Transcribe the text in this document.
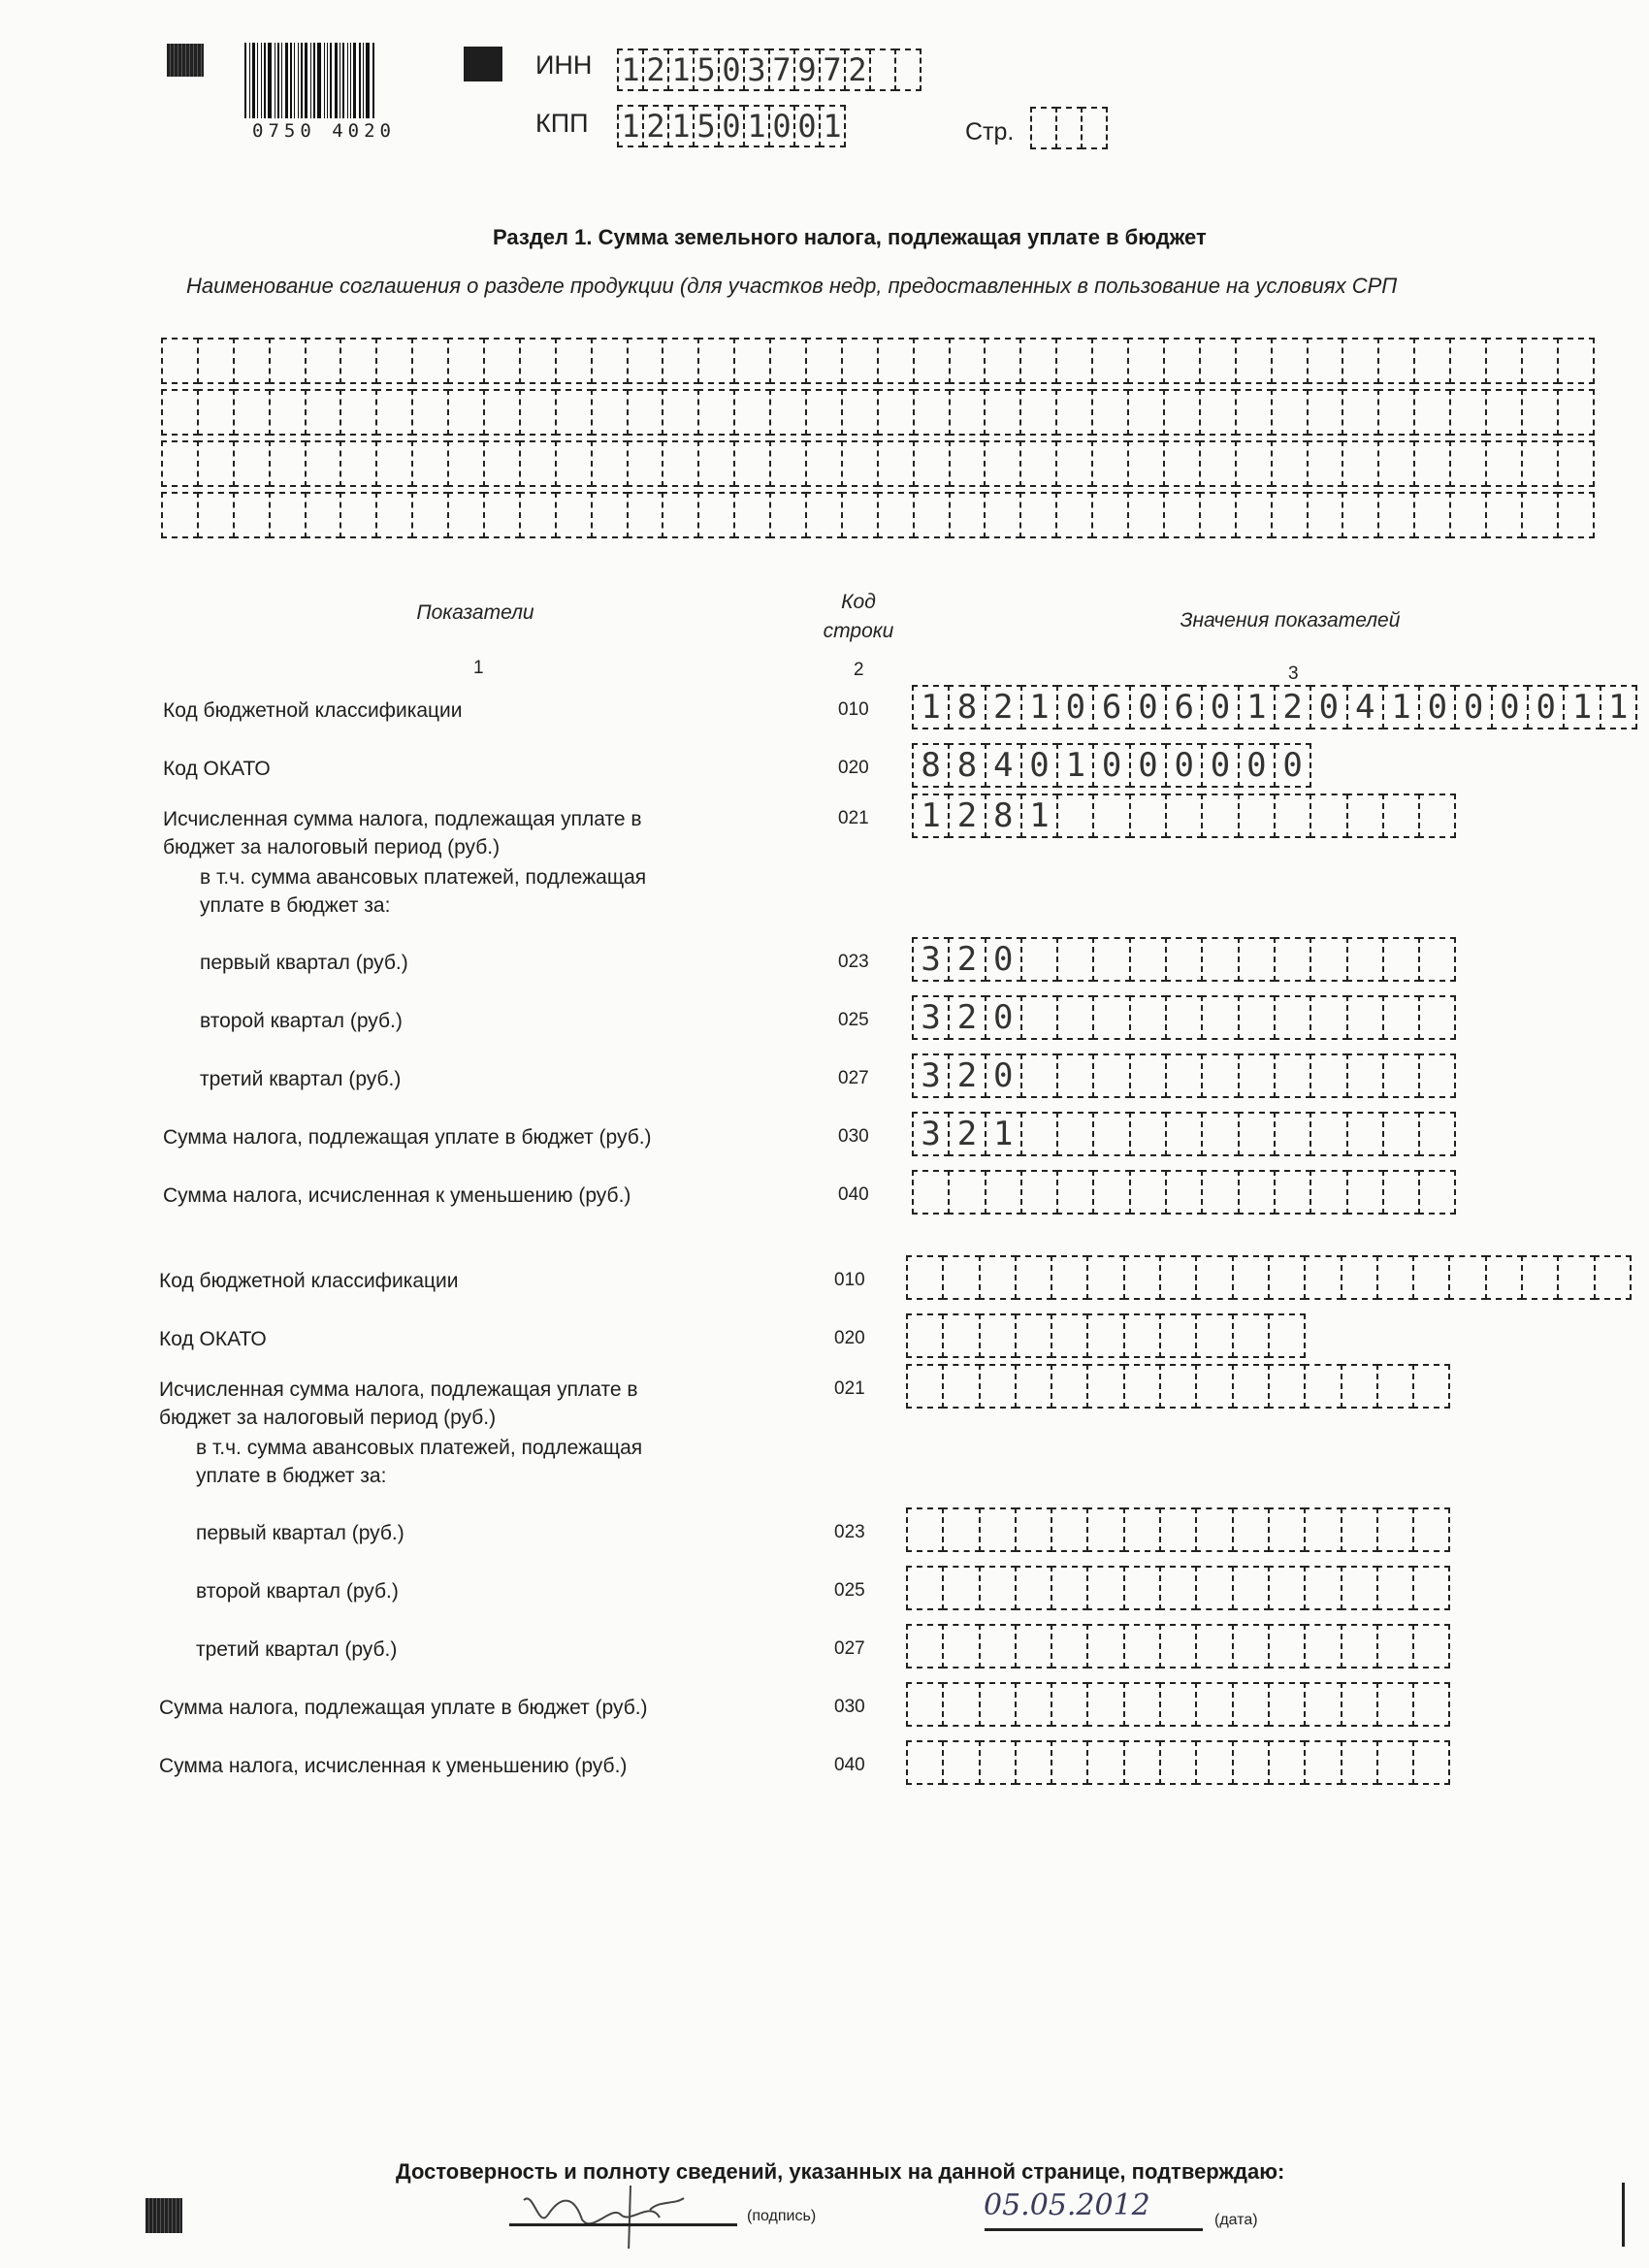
0750 4020
ИНН 1 2 1 5 0 3 7 9 7 2
КПП 1 2 1 5 0 1 0 0 1	Стр.
Раздел 1. Сумма земельного налога, подлежащая уплате в бюджет
Наименование соглашения о разделе продукции (для участков недр, предоставленных в пользование на условиях СРП
Показатели	Код
строки	Значения показателей
1	2	3
Код бюджетной классификации	010 1 8 2 1 0 6 0 6 0 1 2 0 4 1 0 0 0 0 1 1
Код ОКАТО	020 8 8 4 0 1 0 0 0 0 0 0
Исчисленная сумма налога, подлежащая уплате в
бюджет за налоговый период (руб.)
021 1 2 8 1
в т.ч. сумма авансовых платежей, подлежащая
уплате в бюджет за:
первый квартал (руб.)	023 3 2 0
второй квартал (руб.)	025 3 2 0
третий квартал (руб.)	027 3 2 0
Сумма налога, подлежащая уплате в бюджет (руб.)	030 3 2 1
Сумма налога, исчисленная к уменьшению (руб.)	040
Код бюджетной классификации	010
Код ОКАТО	020
Исчисленная сумма налога, подлежащая уплате в
бюджет за налоговый период (руб.)
021
в т.ч. сумма авансовых платежей, подлежащая
уплате в бюджет за:
первый квартал (руб.)	023
второй квартал (руб.)	025
третий квартал (руб.)	027
Сумма налога, подлежащая уплате в бюджет (руб.)	030
Сумма налога, исчисленная к уменьшению (руб.)	040
Достоверность и полноту сведений, указанных на данной странице, подтверждаю:
(подпись)	05.05.2012	(дата)
